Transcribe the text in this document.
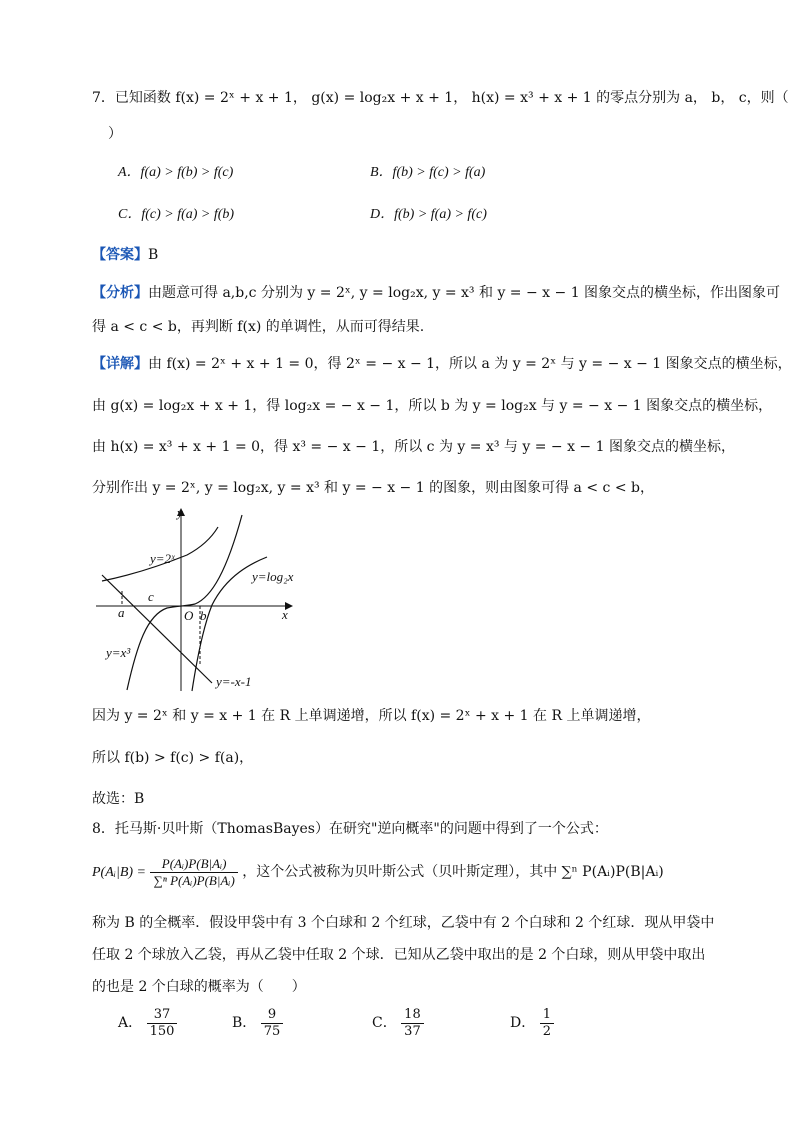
7．已知函数 f(x) = 2ˣ + x + 1， g(x) = log₂x + x + 1， h(x) = x³ + x + 1 的零点分别为 a， b， c，则（
）
A．f(a) > f(b) > f(c)	B．f(b) > f(c) > f(a)
C．f(c) > f(a) > f(b)	D．f(b) > f(a) > f(c)
【答案】B
【分析】由题意可得 a,b,c 分别为 y = 2ˣ, y = log₂x, y = x³ 和 y = − x − 1 图象交点的横坐标，作出图象可
得 a < c < b，再判断 f(x) 的单调性，从而可得结果.
【详解】由 f(x) = 2ˣ + x + 1 = 0，得 2ˣ = − x − 1，所以 a 为 y = 2ˣ 与 y = − x − 1 图象交点的横坐标，
由 g(x) = log₂x + x + 1，得 log₂x = − x − 1，所以 b 为 y = log₂x 与 y = − x − 1 图象交点的横坐标，
由 h(x) = x³ + x + 1 = 0，得 x³ = − x − 1，所以 c 为 y = x³ 与 y = − x − 1 图象交点的横坐标，
分别作出 y = 2ˣ, y = log₂x, y = x³ 和 y = − x − 1 的图象，则由图象可得 a < c < b，
y
x
O
a	b
c
y=2ˣ
y=log₂x
y=x³
y=-x-1
因为 y = 2ˣ 和 y = x + 1 在 R 上单调递增，所以 f(x) = 2ˣ + x + 1 在 R 上单调递增，
所以 f(b) > f(c) > f(a)，
故选：B
8．托马斯·贝叶斯（ThomasBayes）在研究"逆向概率"的问题中得到了一个公式：
P(Aᵢ|B) = $\frac{\text{P(Aᵢ)P(B|Aᵢ)}}{\text{∑ⁿ P(Aᵢ)P(B|Aᵢ)}}$ ，这个公式被称为贝叶斯公式（贝叶斯定理），其中 ∑ⁿ P(Aᵢ)P(B|Aᵢ)
称为 B 的全概率．假设甲袋中有 3 个白球和 2 个红球，乙袋中有 2 个白球和 2 个红球．现从甲袋中
任取 2 个球放入乙袋，再从乙袋中任取 2 个球．已知从乙袋中取出的是 2 个白球，则从甲袋中取出
的也是 2 个白球的概率为（　　）
A． $\frac{37}{150}$	B． $\frac{9}{75}$	C． $\frac{18}{37}$	D． $\frac{1}{2}$
